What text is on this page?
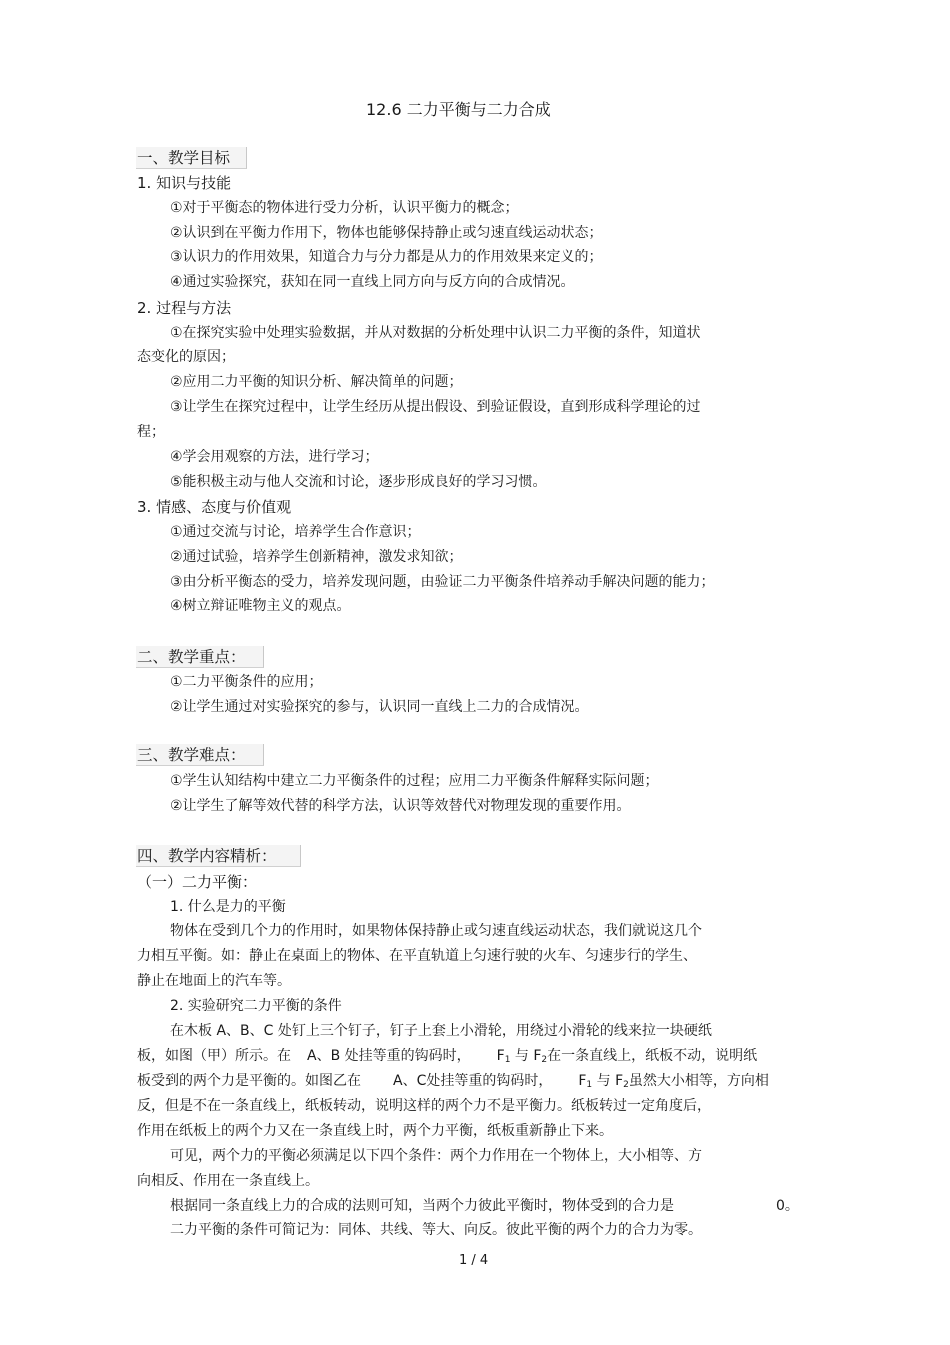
12.6 二力平衡与二力合成
一、教学目标
1. 知识与技能
①对于平衡态的物体进行受力分析，认识平衡力的概念；
②认识到在平衡力作用下，物体也能够保持静止或匀速直线运动状态；
③认识力的作用效果，知道合力与分力都是从力的作用效果来定义的；
④通过实验探究，获知在同一直线上同方向与反方向的合成情况。
2. 过程与方法
①在探究实验中处理实验数据，并从对数据的分析处理中认识二力平衡的条件，知道状
态变化的原因；
②应用二力平衡的知识分析、解决简单的问题；
③让学生在探究过程中，让学生经历从提出假设、到验证假设，直到形成科学理论的过
程；
④学会用观察的方法，进行学习；
⑤能积极主动与他人交流和讨论，逐步形成良好的学习习惯。
3. 情感、态度与价值观
①通过交流与讨论，培养学生合作意识；
②通过试验，培养学生创新精神，激发求知欲；
③由分析平衡态的受力，培养发现问题，由验证二力平衡条件培养动手解决问题的能力；
④树立辩证唯物主义的观点。
二、教学重点：
①二力平衡条件的应用；
②让学生通过对实验探究的参与，认识同一直线上二力的合成情况。
三、教学难点：
①学生认知结构中建立二力平衡条件的过程；应用二力平衡条件解释实际问题；
②让学生了解等效代替的科学方法，认识等效替代对物理发现的重要作用。
四、教学内容精析：
（一）二力平衡：
1. 什么是力的平衡
物体在受到几个力的作用时，如果物体保持静止或匀速直线运动状态，我们就说这几个
力相互平衡。如：静止在桌面上的物体、在平直轨道上匀速行驶的火车、匀速步行的学生、
静止在地面上的汽车等。
2. 实验研究二力平衡的条件
在木板 A、B、C 处钉上三个钉子，钉子上套上小滑轮，用绕过小滑轮的线来拉一块硬纸
板，如图（甲）所示。在 A、B 处挂等重的钩码时， $F_1$ 与 $F_2$在一条直线上，纸板不动，说明纸
板受到的两个力是平衡的。如图乙在 A、C处挂等重的钩码时， $F_1$ 与 $F_2$虽然大小相等，方向相
反，但是不在一条直线上，纸板转动，说明这样的两个力不是平衡力。纸板转过一定角度后，
作用在纸板上的两个力又在一条直线上时，两个力平衡，纸板重新静止下来。
可见，两个力的平衡必须满足以下四个条件：两个力作用在一个物体上，大小相等、方
向相反、作用在一条直线上。
根据同一条直线上力的合成的法则可知，当两个力彼此平衡时，物体受到的合力是	0。
二力平衡的条件可简记为：同体、共线、等大、向反。彼此平衡的两个力的合力为零。
1 / 4
